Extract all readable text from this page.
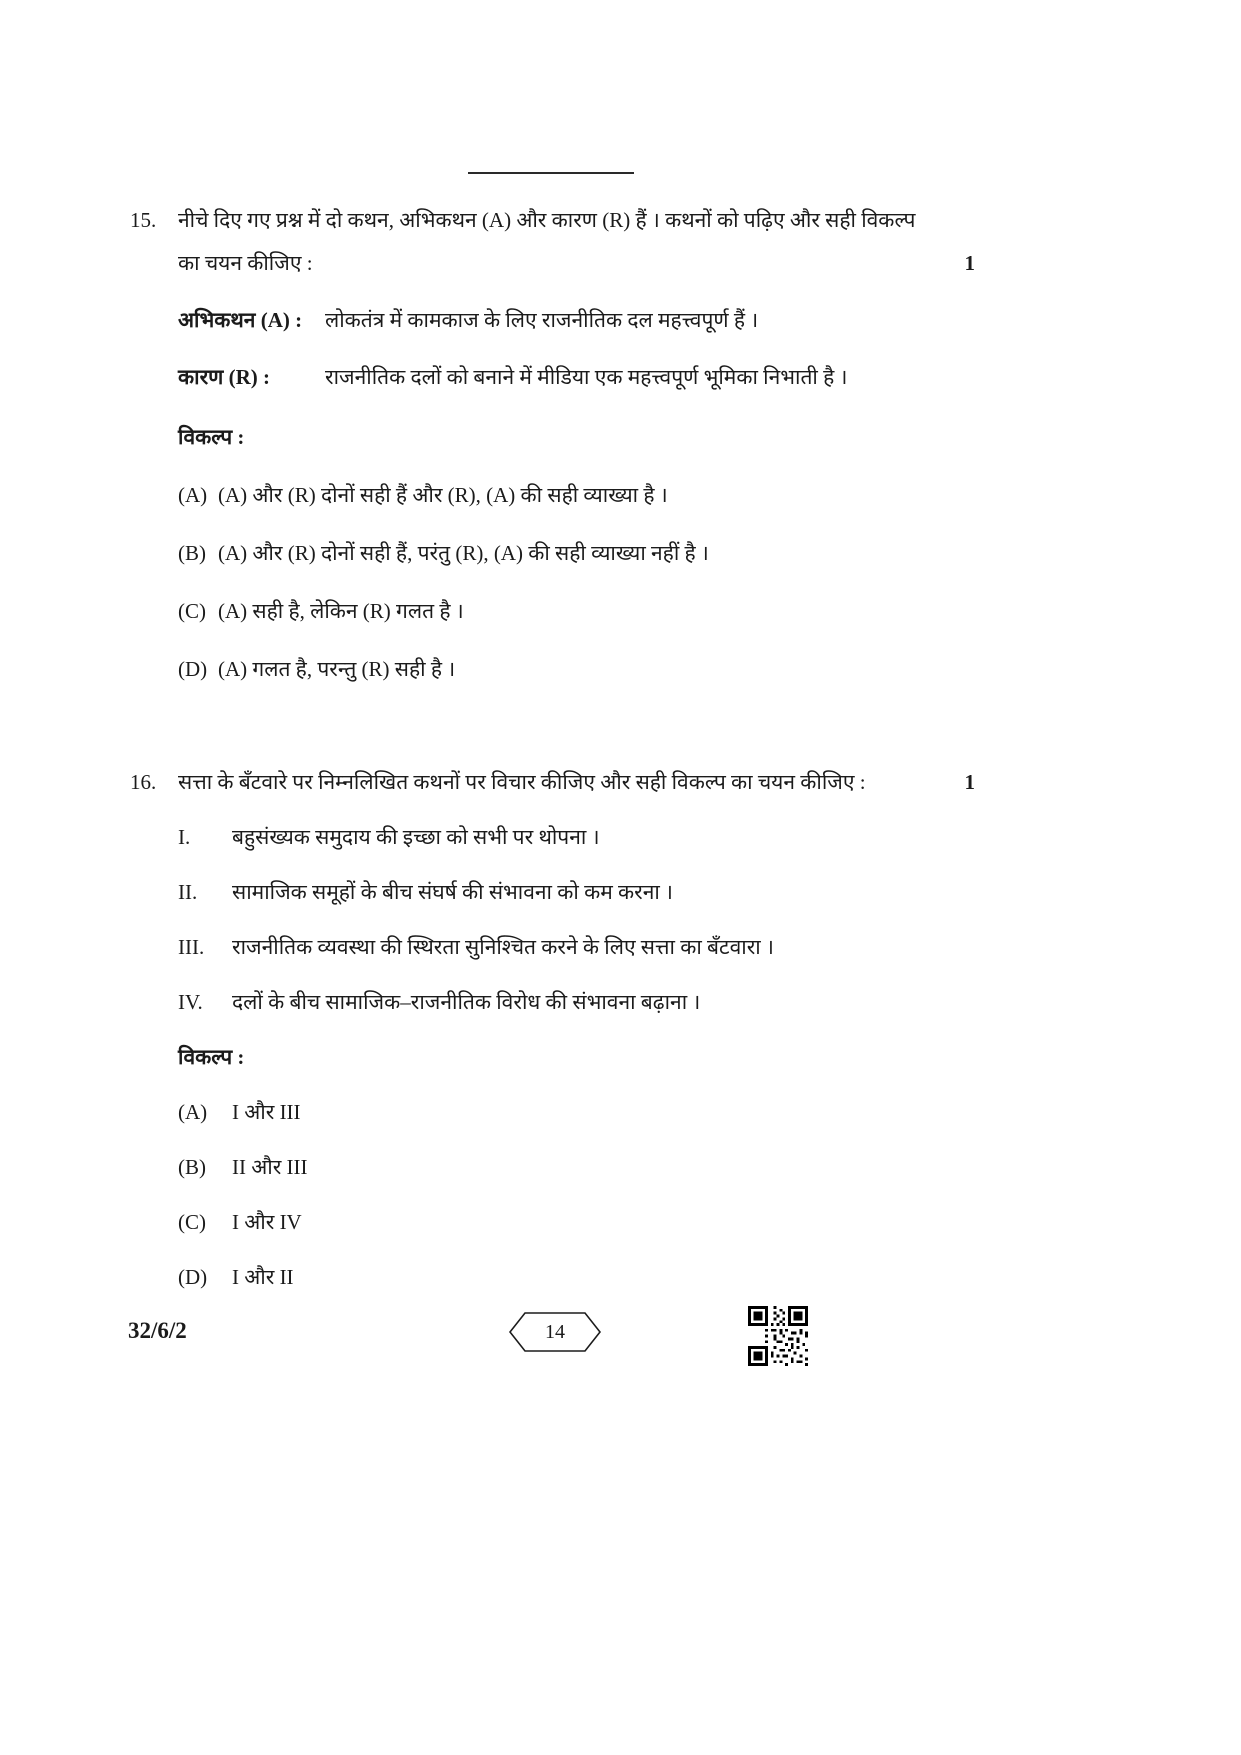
15.	नीचे दिए गए प्रश्न में दो कथन, अभिकथन (A) और कारण (R) हैं । कथनों को पढ़िए और सही विकल्प
का चयन कीजिए :	1
अभिकथन (A) :	लोकतंत्र में कामकाज के लिए राजनीतिक दल महत्त्वपूर्ण हैं ।
कारण (R) :	राजनीतिक दलों को बनाने में मीडिया एक महत्त्वपूर्ण भूमिका निभाती है ।
विकल्प :
(A) (A) और (R) दोनों सही हैं और (R), (A) की सही व्याख्या है ।
(B) (A) और (R) दोनों सही हैं, परंतु (R), (A) की सही व्याख्या नहीं है ।
(C) (A) सही है, लेकिन (R) गलत है ।
(D) (A) गलत है, परन्तु (R) सही है ।
16.	सत्ता के बँटवारे पर निम्नलिखित कथनों पर विचार कीजिए और सही विकल्प का चयन कीजिए :	1
I.	बहुसंख्यक समुदाय की इच्छा को सभी पर थोपना ।
II.	सामाजिक समूहों के बीच संघर्ष की संभावना को कम करना ।
III.	राजनीतिक व्यवस्था की स्थिरता सुनिश्चित करने के लिए सत्ता का बँटवारा ।
IV.	दलों के बीच सामाजिक–राजनीतिक विरोध की संभावना बढ़ाना ।
विकल्प :
(A)	I और III
(B)	II और III
(C)	I और IV
(D)	I और II
32/6/2	14
